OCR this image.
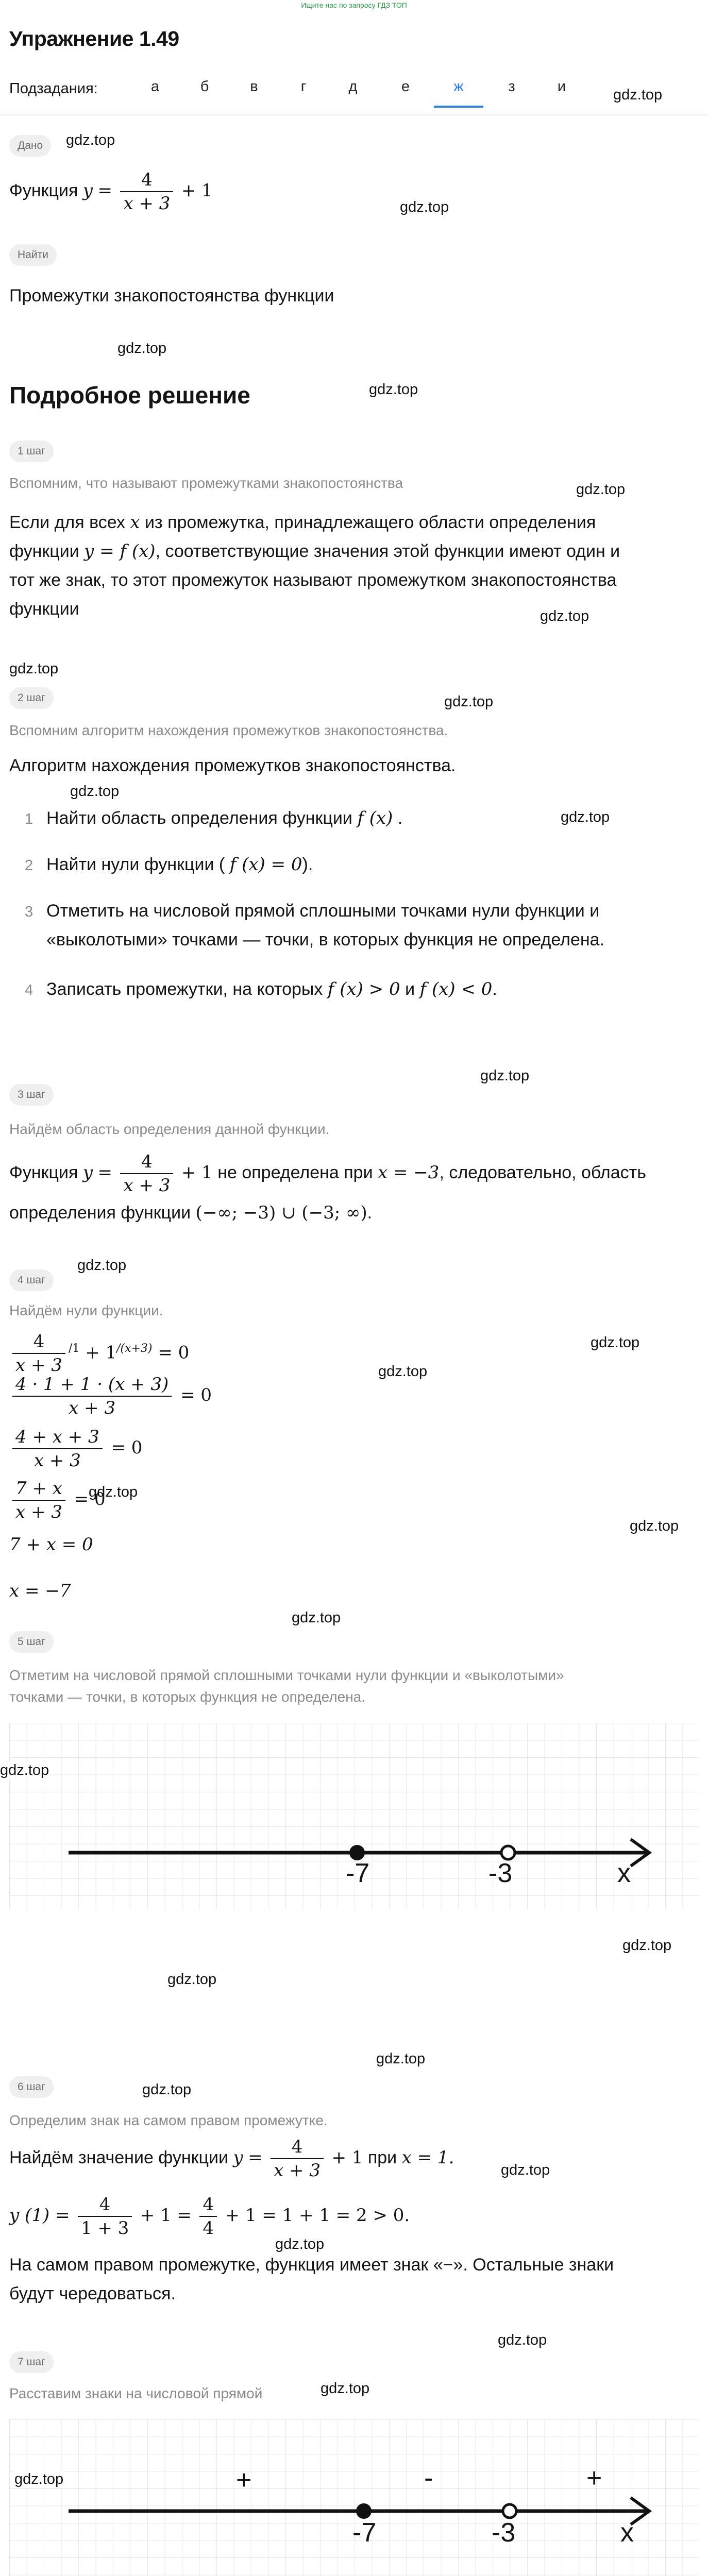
Ищите нас по запросу ГДЗ ТОП
Упражнение 1.49
Подзадания:	а	б	в	г	д	е	ж	з	и	gdz.top
Дано	gdz.top
Функция $y = \frac{4}{x + 3} + 1$
gdz.top
Найти
Промежутки знакопостоянства функции
gdz.top
gdz.top
Подробное решение
1 шаг
Вспомним, что называют промежутками знакопостоянства	gdz.top
Если для всех x из промежутка, принадлежащего области определения
функции y = f (x), соответствующие значения этой функции имеют один и
тот же знак, то этот промежуток называют промежутком знакопостоянства
gdz.top
функции
gdz.top
2 шаг	gdz.top
Вспомним алгоритм нахождения промежутков знакопостоянства.
Алгоритм нахождения промежутков знакопостоянства.
gdz.top
1 Найти область определения функции f (x) .	gdz.top
2 Найти нули функции ( f (x) = 0).
3 Отметить на числовой прямой сплошными точками нули функции и
«выколотыми» точками — точки, в которых функция не определена.
4 Записать промежутки, на которых f (x) > 0 и f (x) < 0.
gdz.top
3 шаг
Найдём область определения данной функции.
Функция $y = \frac{4}{x + 3} + 1$ не определена при x = −3, следовательно, область
определения функции (−∞; −3) ∪ (−3; ∞).
4 шаг
gdz.top
Найдём нули функции.
gdz.top
$\frac{4}{x + 3} ^{/1} + 1^{/(x+3)} = 0$
gdz.top
$\frac{4 \cdot 1 + 1 \cdot (x + 3)}{x + 3} = 0$
$\frac{4 + x + 3}{x + 3} = 0$
gdz.top
$\frac{7 + x}{x + 3} = 0$
gdz.top
7 + x = 0
x = −7
gdz.top
5 шаг
Отметим на числовой прямой сплошными точками нули функции и «выколотыми»
точками — точки, в которых функция не определена.
-7	-3	x
gdz.top
gdz.top
gdz.top
gdz.top
6 шаг	gdz.top
Определим знак на самом правом промежутке.
Найдём значение функции $y = \frac{4}{x + 3} + 1$ при x = 1.
gdz.top
y $(1) = \frac{4}{1 + 3} + 1 = \frac{4}{4} + 1 = 1 + 1 = 2 > 0$.
gdz.top
На самом правом промежутке, функция имеет знак «−». Остальные знаки
будут чередоваться.
gdz.top
7 шаг
gdz.top
Расставим знаки на числовой прямой
+	-	+
-7	-3	x
gdz.top
